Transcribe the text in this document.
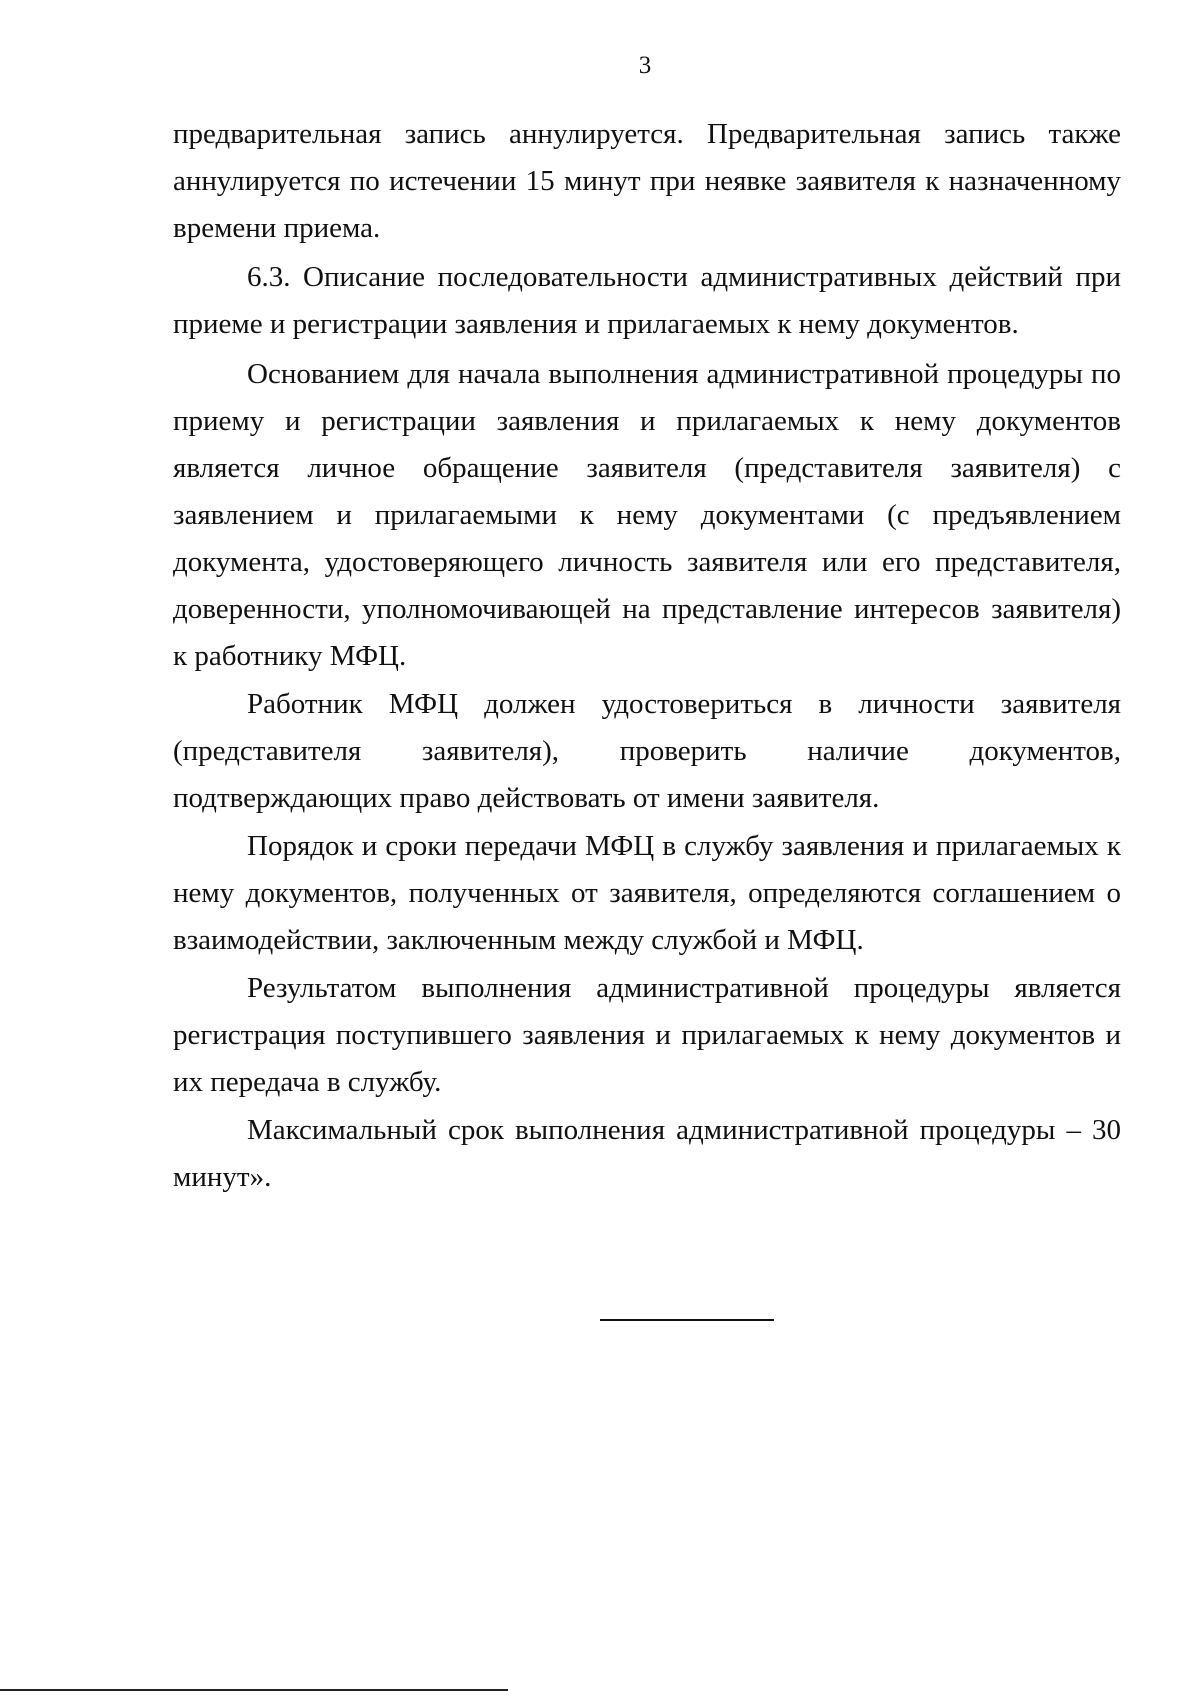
3

предварительная запись аннулируется. Предварительная запись также аннулируется по истечении 15 минут при неявке заявителя к назначенному времени приема.

6.3. Описание последовательности административных действий при приеме и регистрации заявления и прилагаемых к нему документов.

Основанием для начала выполнения административной процедуры по приему и регистрации заявления и прилагаемых к нему документов является личное обращение заявителя (представителя заявителя) с заявлением и прилагаемыми к нему документами (с предъявлением документа, удостоверяющего личность заявителя или его представителя, доверенности, уполномочивающей на представление интересов заявителя) к работнику МФЦ.

Работник МФЦ должен удостовериться в личности заявителя (представителя заявителя), проверить наличие документов, подтверждающих право действовать от имени заявителя.

Порядок и сроки передачи МФЦ в службу заявления и прилагаемых к нему документов, полученных от заявителя, определяются соглашением о взаимодействии, заключенным между службой и МФЦ.

Результатом выполнения административной процедуры является регистрация поступившего заявления и прилагаемых к нему документов и их передача в службу.

Максимальный срок выполнения административной процедуры – 30 минут».
